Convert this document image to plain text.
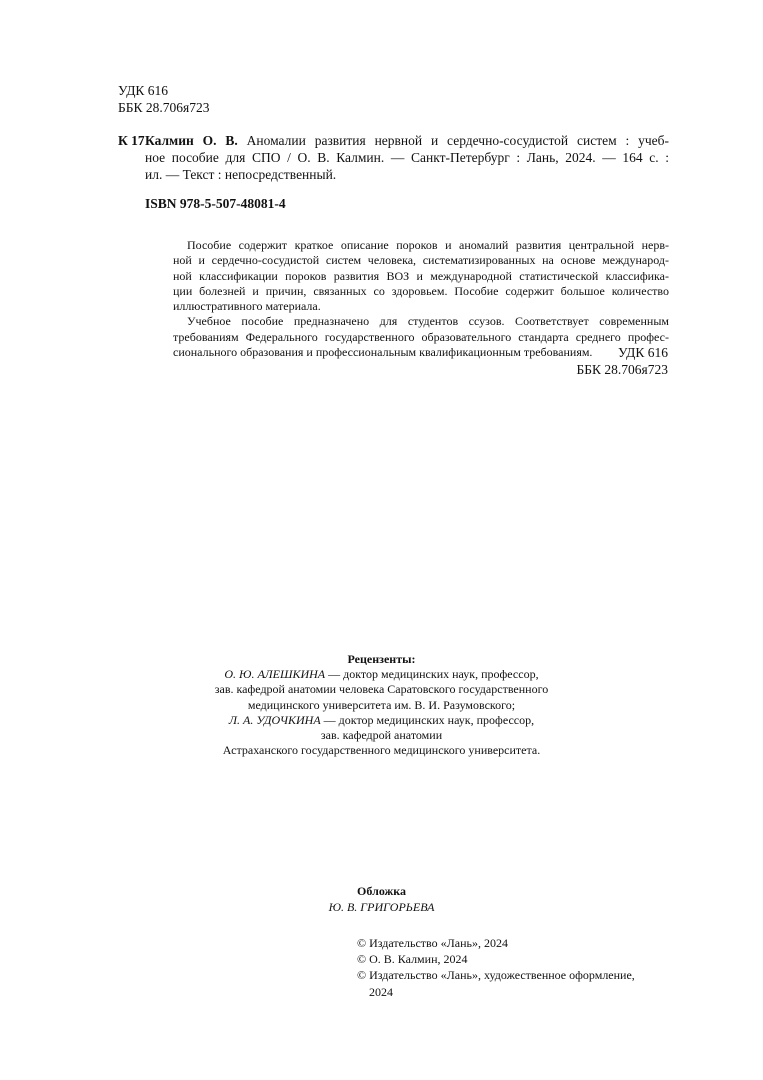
УДК 616
ББК 28.706я723
К 17 Калмин О. В. Аномалии развития нервной и сердечно-сосудистой систем : учеб-
ное пособие для СПО / О. В. Калмин. — Санкт-Петербург : Лань, 2024. — 164 с. :
ил. — Текст : непосредственный.
ISBN 978-5-507-48081-4
Пособие содержит краткое описание пороков и аномалий развития центральной нерв-
ной и сердечно-сосудистой систем человека, систематизированных на основе международ-
ной классификации пороков развития ВОЗ и международной статистической классифика-
ции болезней и причин, связанных со здоровьем. Пособие содержит большое количество
иллюстративного материала.
Учебное пособие предназначено для студентов ссузов. Соответствует современным
требованиям Федерального государственного образовательного стандарта среднего профес-
сионального образования и профессиональным квалификационным требованиям.	УДК 616
ББК 28.706я723
Рецензенты:
О. Ю. АЛЕШКИНА — доктор медицинских наук, профессор,
зав. кафедрой анатомии человека Саратовского государственного
медицинского университета им. В. И. Разумовского;
Л. А. УДОЧКИНА — доктор медицинских наук, профессор,
зав. кафедрой анатомии
Астраханского государственного медицинского университета.
Обложка
Ю. В. ГРИГОРЬЕВА
© Издательство «Лань», 2024
© О. В. Калмин, 2024
© Издательство «Лань», художественное оформление,
2024
